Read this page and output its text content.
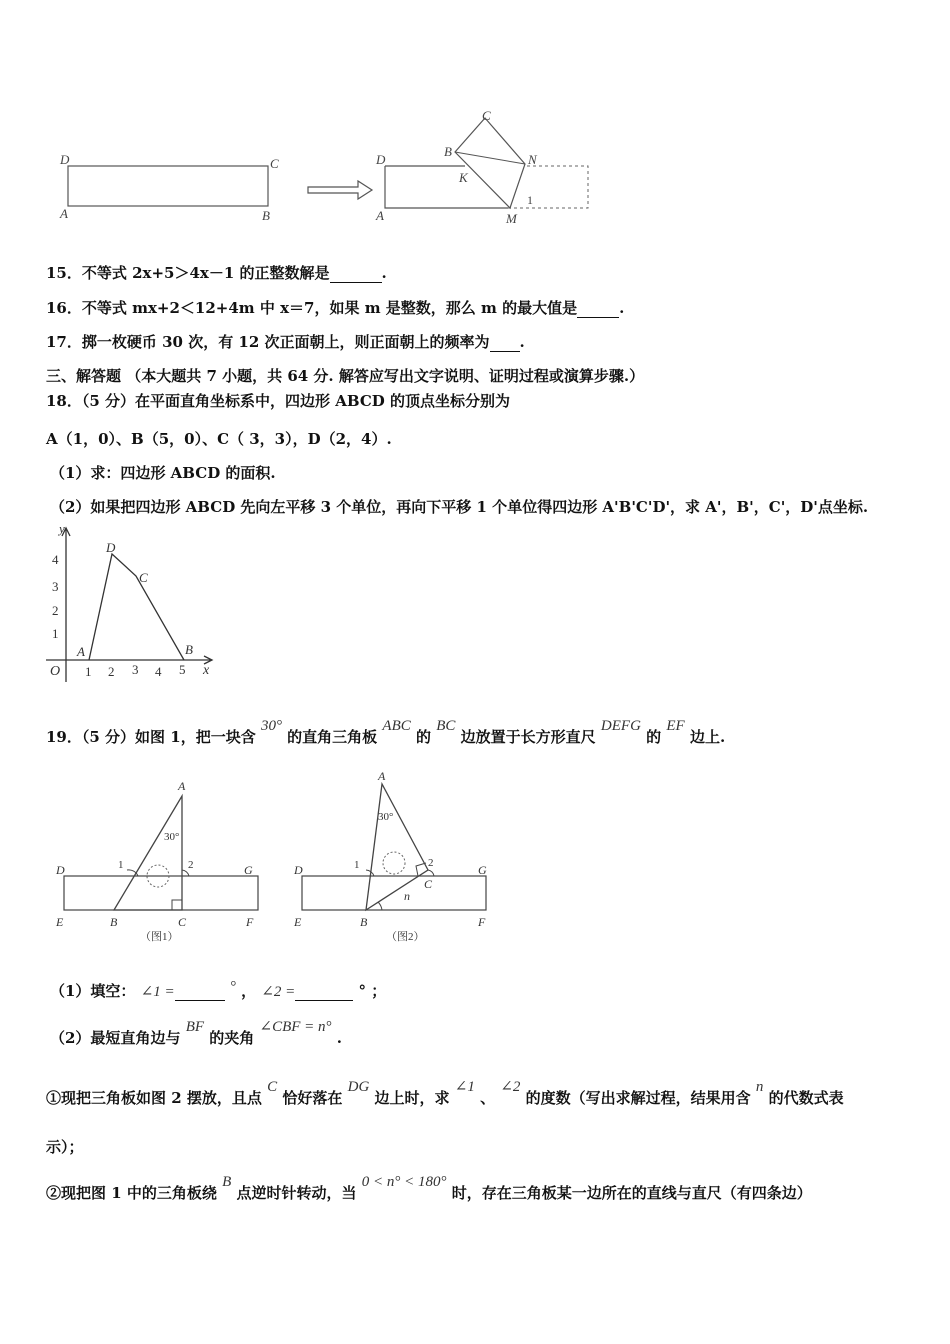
D	C
A	B
D
A
B
C
N
K
M
1
15．不等式 2x+5＞4x－1 的正整数解是	.
16．不等式 mx+2＜12+4m 中 x＝7，如果 m 是整数，那么 m 的最大值是	.
17．掷一枚硬币 30 次，有 12 次正面朝上，则正面朝上的频率为 .
三、解答题 （本大题共 7 小题，共 64 分. 解答应写出文字说明、证明过程或演算步骤.）
18．（5 分）在平面直角坐标系中，四边形 ABCD 的顶点坐标分别为
A（1，0）、B（5，0）、C（ 3，3），D（2，4）.
（1）求：四边形 ABCD 的面积.
（2）如果把四边形 ABCD 先向左平移 3 个单位，再向下平移 1 个单位得四边形 A'B'C'D'，求 A'，B'，C'，D'点坐标.
y
x
O 1 2 3 4 5
1
2
3
4
A	B
C
D
19．（5 分）如图 1，把一块含 30° 的直角三角板 ABC 的 BC 边放置于长方形直尺 DEFG 的 EF 边上.
A
30°
1	2
D	G
E	B	C	F
（图1）
A
30°
1	2
C
n
D	G
E	B	F
（图2）
（1）填空： ∠1 =	° ， ∠2 =	° ；
（2）最短直角边与 BF 的夹角 ∠CBF = n° .
①现把三角板如图 2 摆放，且点 C 恰好落在 DG 边上时，求 ∠1 、 ∠2 的度数（写出求解过程，结果用含 n 的代数式表
示）；
②现把图 1 中的三角板绕 B 点逆时针转动，当 0 < n° < 180° 时，存在三角板某一边所在的直线与直尺（有四条边）
